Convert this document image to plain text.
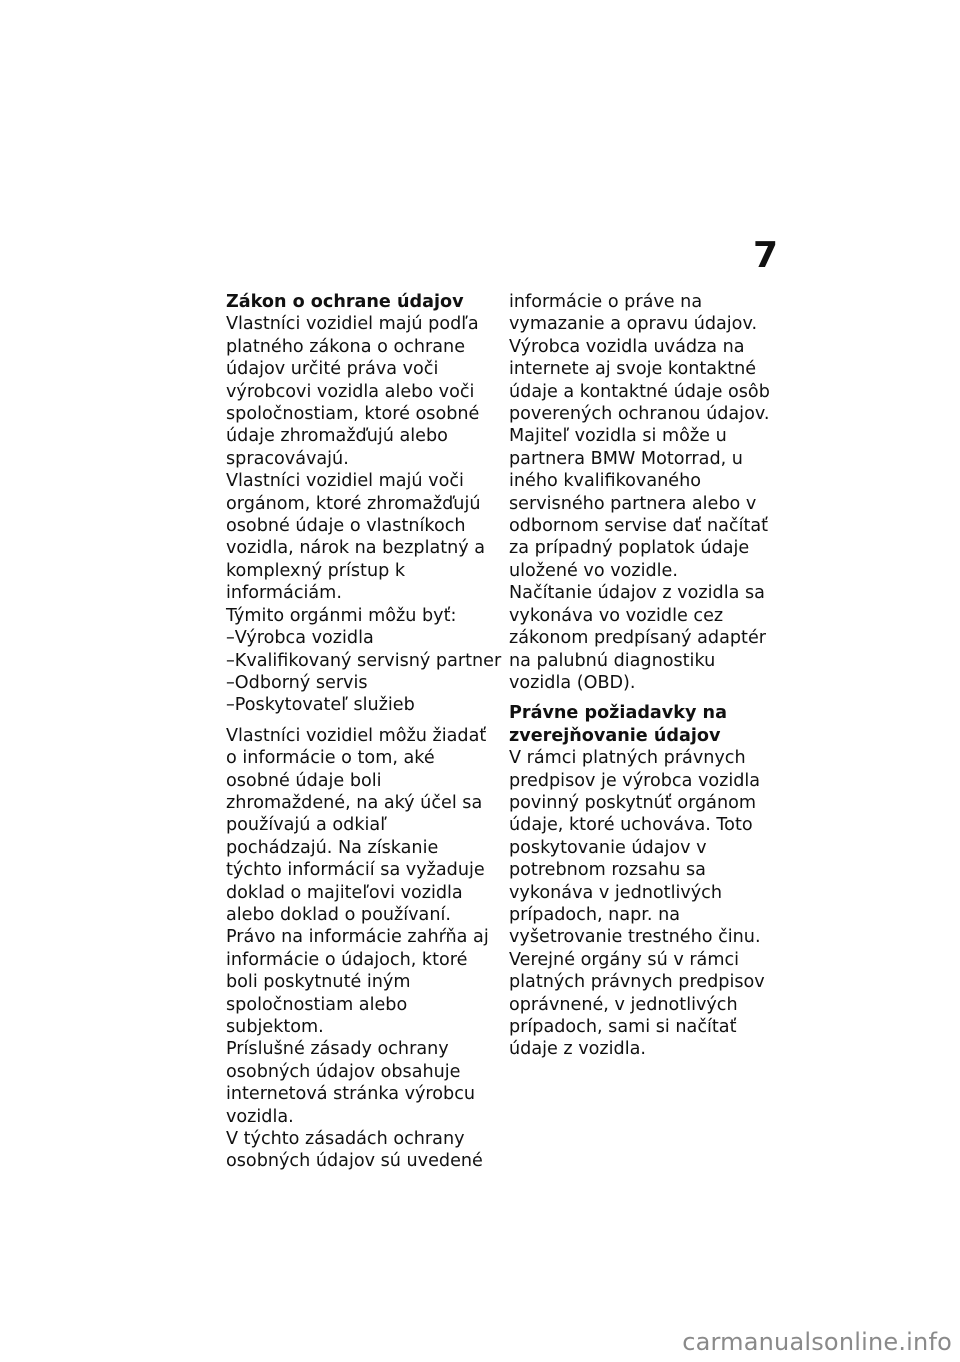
7
Zákon o ochrane údajov

Vlastníci vozidiel majú podľa platného zákona o ochrane údajov určité práva voči výrobcovi vozidla alebo voči spoločnostiam, ktoré osobné údaje zhromažďujú alebo spracovávajú.

Vlastníci vozidiel majú voči orgánom, ktoré zhromažďujú osobné údaje o vlastníkoch vozidla, nárok na bezplatný a komplexný prístup k informáciám.

Týmito orgánmi môžu byť:

– Výrobca vozidla
– Kvalifikovaný servisný partner
– Odborný servis
– Poskytovateľ služieb

Vlastníci vozidiel môžu žiadať o informácie o tom, aké osobné údaje boli zhromaždené, na aký účel sa používajú a odkiaľ pochádzajú. Na získanie týchto informácií sa vyžaduje doklad o majiteľovi vozidla alebo doklad o používaní.

Právo na informácie zahŕňa aj informácie o údajoch, ktoré boli poskytnuté iným spoločnostiam alebo subjektom.

Príslušné zásady ochrany osobných údajov obsahuje internetová stránka výrobcu vozidla.

V týchto zásadách ochrany osobných údajov sú uvedené

informácie o práve na vymazanie a opravu údajov. Výrobca vozidla uvádza na internete aj svoje kontaktné údaje a kontaktné údaje osôb poverených ochranou údajov.

Majiteľ vozidla si môže u partnera BMW Motorrad, u iného kvalifikovaného servisného partnera alebo v odbornom servise dať načítať za prípadný poplatok údaje uložené vo vozidle.

Načítanie údajov z vozidla sa vykonáva vo vozidle cez zákonom predpísaný adaptér na palubnú diagnostiku vozidla (OBD).

Právne požiadavky na zverejňovanie údajov

V rámci platných právnych predpisov je výrobca vozidla povinný poskytnúť orgánom údaje, ktoré uchováva. Toto poskytovanie údajov v potrebnom rozsahu sa vykonáva v jednotlivých prípadoch, napr. na vyšetrovanie trestného činu.

Verejné orgány sú v rámci platných právnych predpisov oprávnené, v jednotlivých prípadoch, sami si načítať údaje z vozidla.

carmanualsonline.info
